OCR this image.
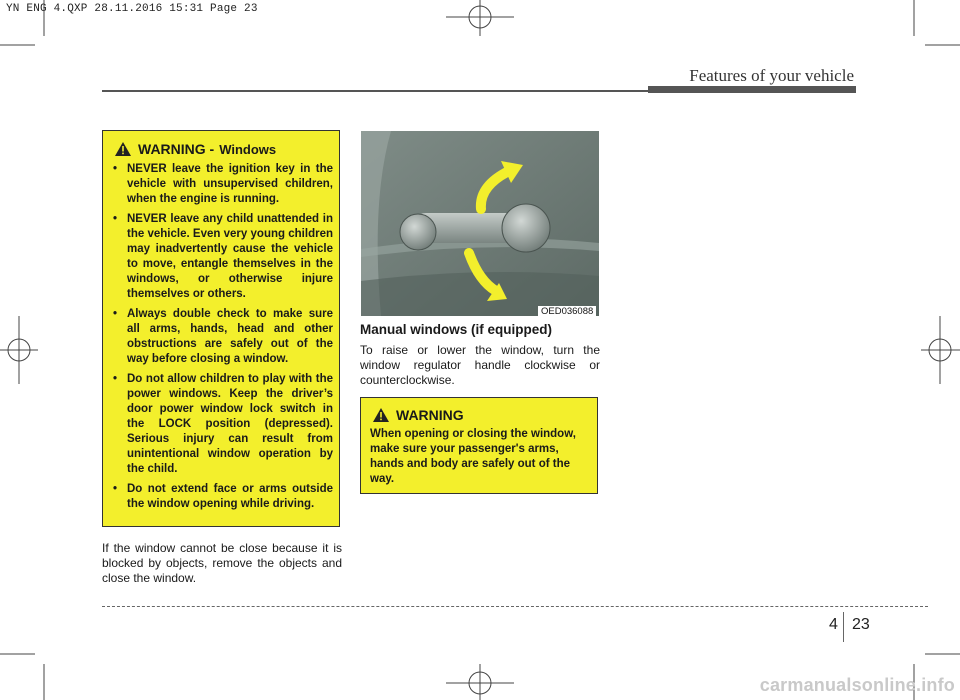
YN ENG 4.QXP 28.11.2016 15:31 Page 23
Features of your vehicle
WARNING - Windows
• NEVER leave the ignition key in the vehicle with unsupervised children, when the engine is running.
• NEVER leave any child unattended in the vehicle. Even very young children may inadvertently cause the vehicle to move, entangle themselves in the windows, or otherwise injure themselves or others.
• Always double check to make sure all arms, hands, head and other obstructions are safely out of the way before closing a window.
• Do not allow children to play with the power windows. Keep the driver’s door power window lock switch in the LOCK position (depressed). Serious injury can result from unintentional window operation by the child.
• Do not extend face or arms outside the window opening while driving.
If the window cannot be close because it is blocked by objects, remove the objects and close the window.
OED036088
Manual windows (if equipped)
To raise or lower the window, turn the window regulator handle clockwise or counterclockwise.
WARNING
When opening or closing the window, make sure your passenger's arms, hands and body are safely out of the way.
4 23
carmanualsonline.info
